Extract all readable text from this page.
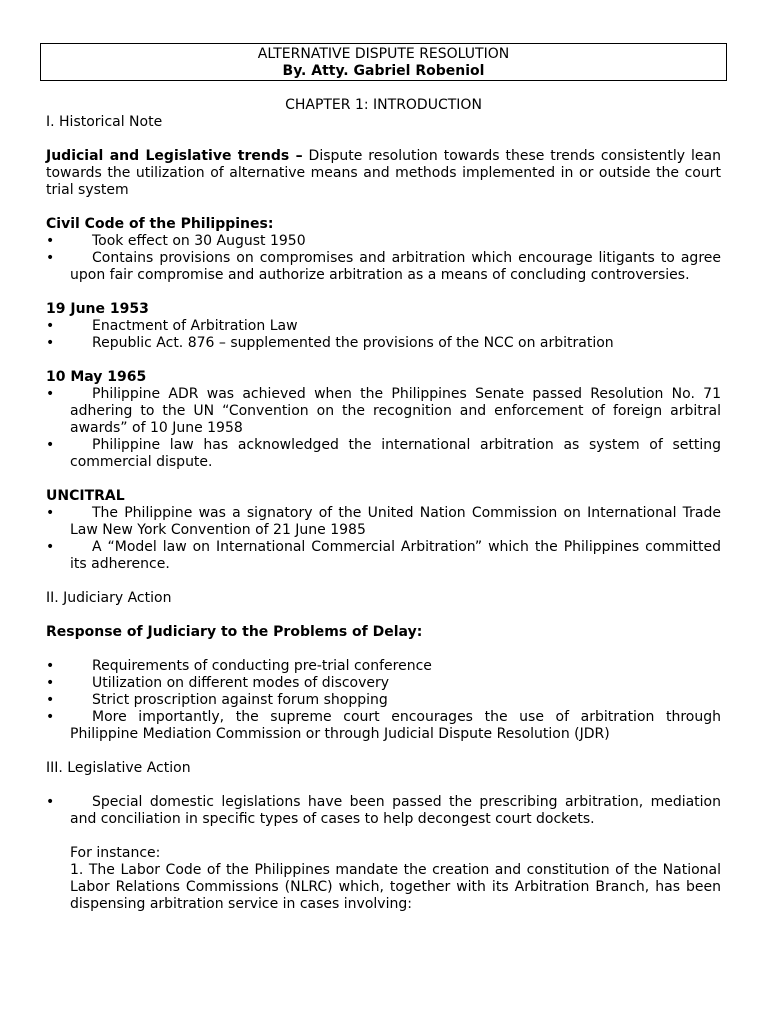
ALTERNATIVE DISPUTE RESOLUTION
By. Atty. Gabriel Robeniol

CHAPTER 1: INTRODUCTION

I. Historical Note

Judicial and Legislative trends – Dispute resolution towards these trends consistently lean towards the utilization of alternative means and methods implemented in or outside the court trial system

Civil Code of the Philippines:

•	Took effect on 30 August 1950
•	Contains provisions on compromises and arbitration which encourage litigants to agree upon fair compromise and authorize arbitration as a means of concluding controversies.

19 June 1953

•	Enactment of Arbitration Law
•	Republic Act. 876 – supplemented the provisions of the NCC on arbitration

10 May 1965

•	Philippine ADR was achieved when the Philippines Senate passed Resolution No. 71 adhering to the UN “Convention on the recognition and enforcement of foreign arbitral awards” of 10 June 1958
•	Philippine law has acknowledged the international arbitration as system of setting commercial dispute.

UNCITRAL

•	The Philippine was a signatory of the United Nation Commission on International Trade Law New York Convention of 21 June 1985
•	A “Model law on International Commercial Arbitration” which the Philippines committed its adherence.

II. Judiciary Action

Response of Judiciary to the Problems of Delay:

•	Requirements of conducting pre-trial conference
•	Utilization on different modes of discovery
•	Strict proscription against forum shopping
•	More importantly, the supreme court encourages the use of arbitration through Philippine Mediation Commission or through Judicial Dispute Resolution (JDR)

III. Legislative Action

•	Special domestic legislations have been passed the prescribing arbitration, mediation and conciliation in specific types of cases to help decongest court dockets.

For instance:

1. The Labor Code of the Philippines mandate the creation and constitution of the National Labor Relations Commissions (NLRC) which, together with its Arbitration Branch, has been dispensing arbitration service in cases involving:
